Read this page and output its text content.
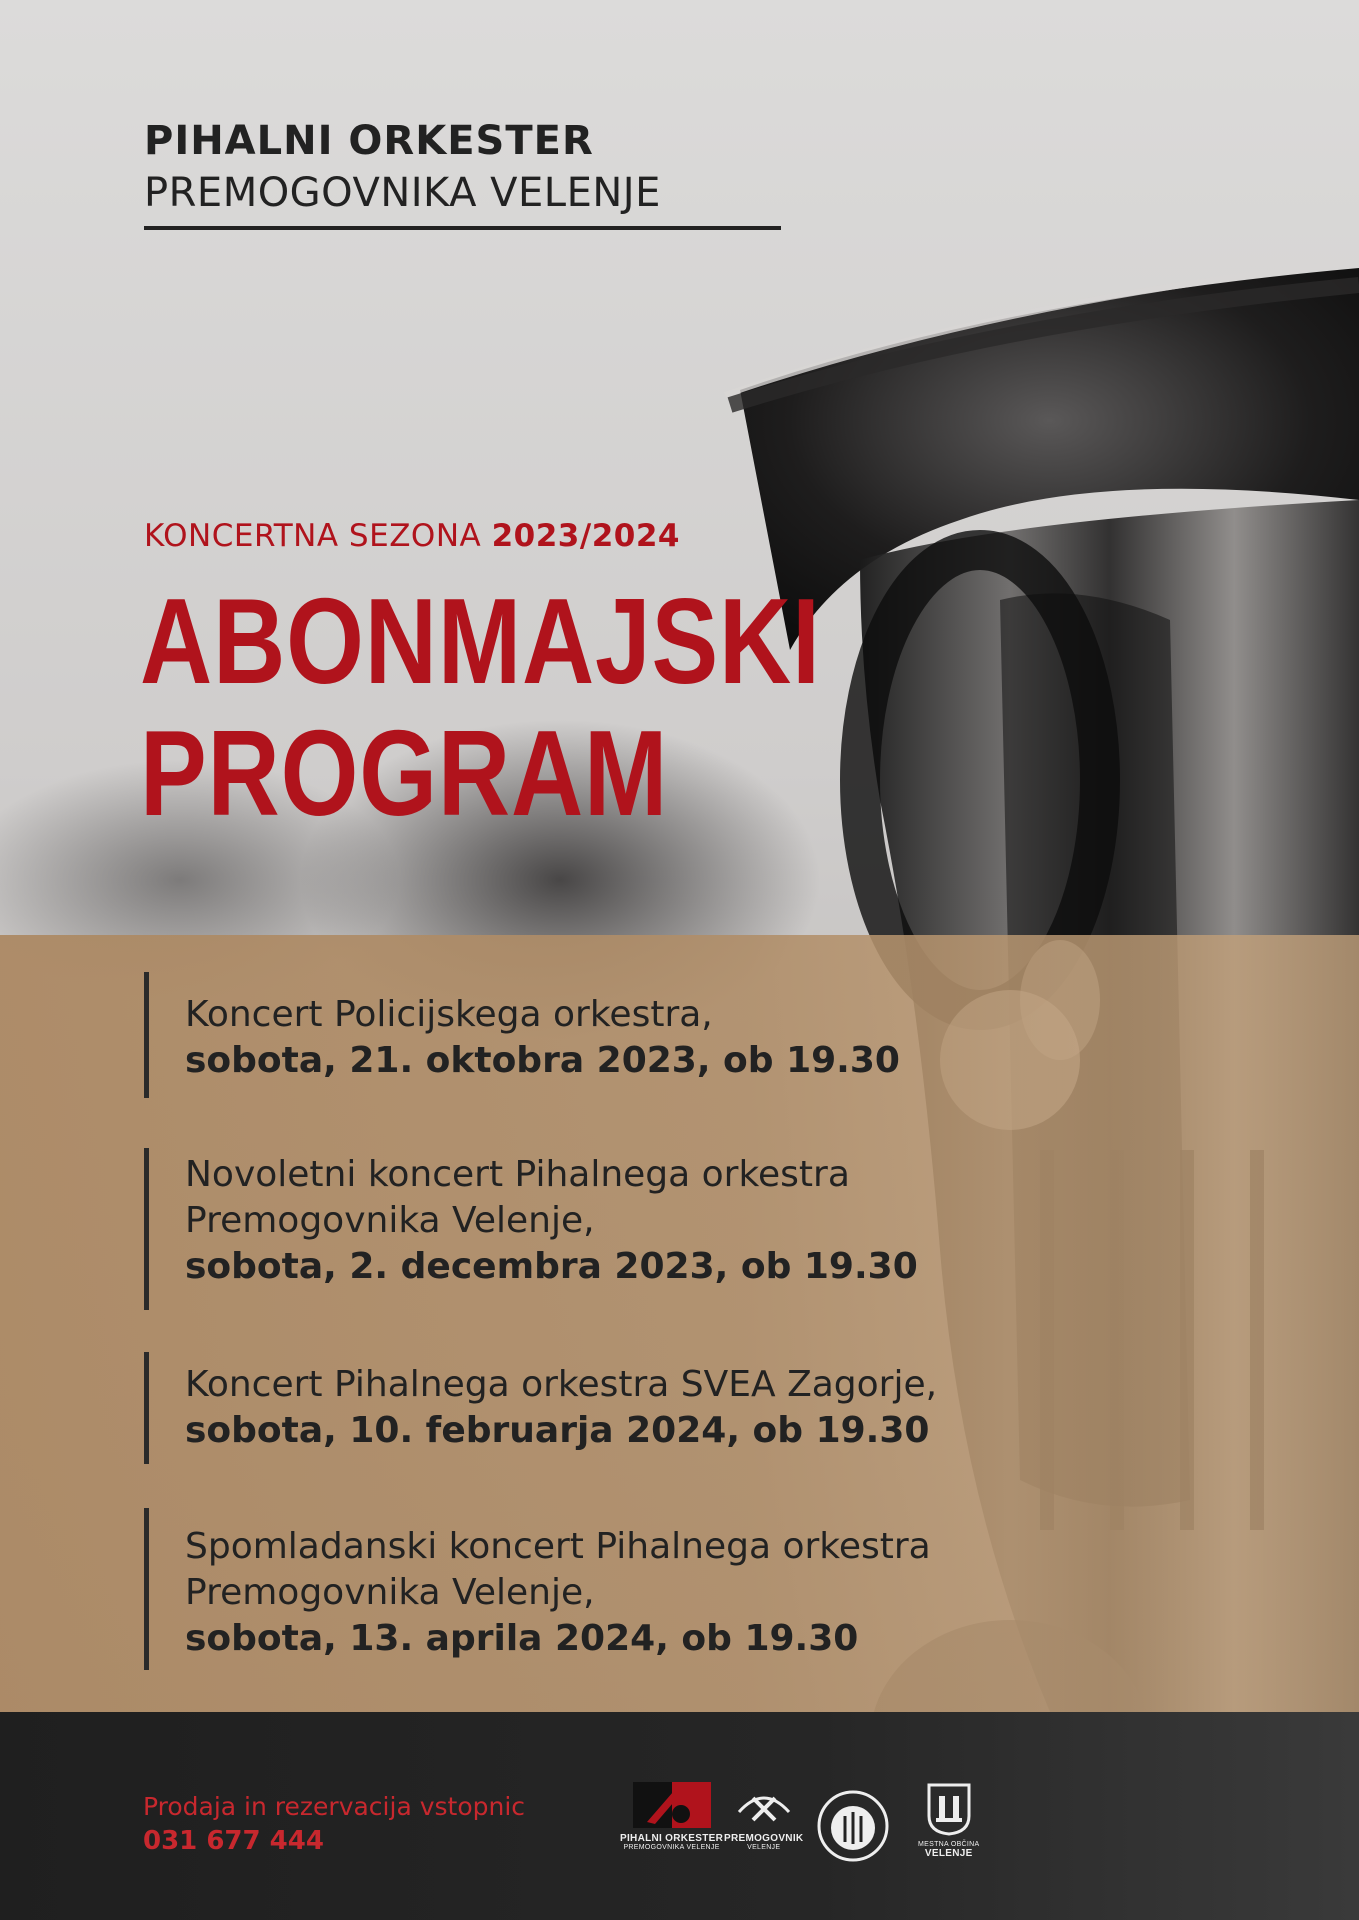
PIHALNI ORKESTER
PREMOGOVNIKA VELENJE
KONCERTNA SEZONA 2023/2024
ABONMAJSKI
PROGRAM
Koncert Policijskega orkestra,
sobota, 21. oktobra 2023, ob 19.30
Novoletni koncert Pihalnega orkestra
Premogovnika Velenje,
sobota, 2. decembra 2023, ob 19.30
Koncert Pihalnega orkestra SVEA Zagorje,
sobota, 10. februarja 2024, ob 19.30
Spomladanski koncert Pihalnega orkestra
Premogovnika Velenje,
sobota, 13. aprila 2024, ob 19.30
Prodaja in rezervacija vstopnic
031 677 444	PIHALNI ORKESTER
PREMOGOVNIKA VELENJE
PREMOGOVNIK
VELENJE	MESTNA OBČINA
VELENJE
